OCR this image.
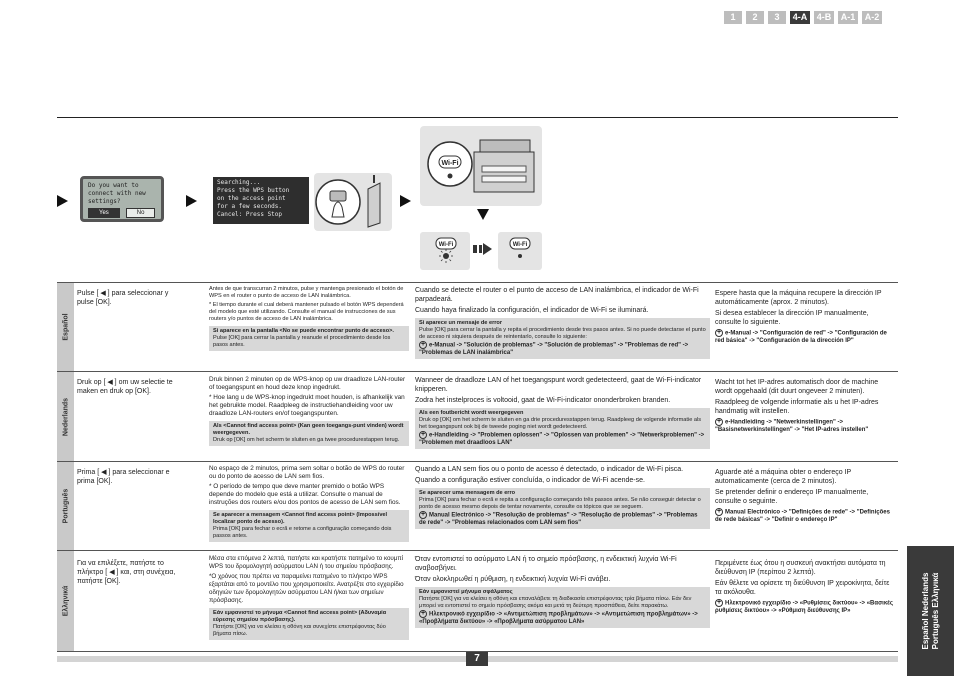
1	2	3	4-A	4-B	A-1	A-2
Do you want to
connect with new
settings?
Yes	No
Searching...
Press the WPS button
on the access point
for a few seconds.
Cancel: Press Stop
Wi-Fi
Wi-Fi	Wi-Fi
Español
Pulse [ ◀ ] para seleccionar y pulse [OK].

Antes de que transcurran 2 minutos, pulse y mantenga presionado el botón de WPS en el router o punto de acceso de LAN inalámbrica.

* El tiempo durante el cual deberá mantener pulsado el botón WPS dependerá del modelo que esté utilizando. Consulte el manual de instrucciones de sus routers y/o puntos de acceso de LAN inalámbrica.

Si aparece en la pantalla <No se puede encontrar punto de acceso>.
Pulse [OK] para cerrar la pantalla y reanude el procedimiento desde los pasos antes.

Cuando se detecte el router o el punto de acceso de LAN inalámbrica, el indicador de Wi-Fi parpadeará.

Cuando haya finalizado la configuración, el indicador de Wi-Fi se iluminará.

Si aparece un mensaje de error
Pulse [OK] para cerrar la pantalla y repita el procedimiento desde tres pasos antes. Si no puede detectarse el punto de acceso ni siquiera después de reintentarlo, consulte lo siguiente:
+ e-Manual -> "Solución de problemas" -> "Solución de problemas" -> "Problemas de red" -> "Problemas de LAN inalámbrica"

Espere hasta que la máquina recupere la dirección IP automáticamente (aprox. 2 minutos).

Si desea establecer la dirección IP manualmente, consulte lo siguiente.

+ e-Manual -> "Configuración de red" -> "Configuración de red básica" -> "Configuración de la dirección IP"
Nederlands
Druk op [ ◀ ] om uw selectie te maken en druk op [OK].

Druk binnen 2 minuten op de WPS-knop op uw draadloze LAN-router of toegangspunt en houd deze knop ingedrukt.

* Hoe lang u de WPS-knop ingedrukt moet houden, is afhankelijk van het gebruikte model. Raadpleeg de instructiehandleiding voor uw draadloze LAN-routers en/of toegangspunten.

Als <Cannot find access point> (Kan geen toegangs-punt vinden) wordt weergegeven.
Druk op [OK] om het scherm te sluiten en ga twee procedurestappen terug.

Wanneer de draadloze LAN of het toegangspunt wordt gedetecteerd, gaat de Wi-Fi-indicator knipperen.

Zodra het instelproces is voltooid, gaat de Wi-Fi-indicator ononderbroken branden.

Als een foutbericht wordt weergegeven
Druk op [OK] om het scherm te sluiten en ga drie proceduresstappen terug. Raadpleeg de volgende informatie als het toegangspunt ook bij de tweede poging niet wordt gedetecteerd.
+ e-Handleiding -> "Problemen oplossen" -> "Oplossen van problemen" -> "Netwerkproblemen" -> "Problemen met draadloos LAN"

Wacht tot het IP-adres automatisch door de machine wordt opgehaald (dit duurt ongeveer 2 minuten).

Raadpleeg de volgende informatie als u het IP-adres handmatig wilt instellen.

+ e-Handleiding -> "Netwerkinstellingen" -> "Basisnetwerkinstellingen" -> "Het IP-adres instellen"
Português
Prima [ ◀ ] para seleccionar e prima [OK].

No espaço de 2 minutos, prima sem soltar o botão de WPS do router ou do ponto de acesso de LAN sem fios.

* O período de tempo que deve manter premido o botão WPS depende do modelo que está a utilizar. Consulte o manual de instruções dos routers e/ou dos pontos de acesso de LAN sem fios.

Se aparecer a mensagem <Cannot find access point> (Impossível localizar ponto de acesso).
Prima [OK] para fechar o ecrã e retome a configuração começando dois passos antes.

Quando a LAN sem fios ou o ponto de acesso é detectado, o indicador de Wi-Fi pisca.

Quando a configuração estiver concluída, o indicador de Wi-Fi acende-se.

Se aparecer uma mensagem de erro
Prima [OK] para fechar o ecrã e repita a configuração começando três passos antes. Se não conseguir detectar o ponto de acesso mesmo depois de tentar novamente, consulte os tópicos que se seguem.
+ Manual Electrónico -> "Resolução de problemas" -> "Resolução de problemas" -> "Problemas de rede" -> "Problemas relacionados com LAN sem fios"

Aguarde até a máquina obter o endereço IP automaticamente (cerca de 2 minutos).

Se pretender definir o endereço IP manualmente, consulte o seguinte.

+ Manual Electrónico -> "Definições de rede" -> "Definições de rede básicas" -> "Definir o endereço IP"
Ελληνικά
Για να επιλέξετε, πατήστε το πλήκτρο [ ◀ ] και, στη συνέχεια, πατήστε [OK].

Μέσα στα επόμενα 2 λεπτά, πατήστε και κρατήστε πατημένο το κουμπί WPS του δρομολογητή ασύρματου LAN ή του σημείου πρόσβασης.

*Ο χρόνος που πρέπει να παραμείνει πατημένο το πλήκτρο WPS εξαρτάται από το μοντέλο που χρησιμοποιείτε. Ανατρέξτε στο εγχειρίδιο οδηγιών των δρομολογητών ασύρματου LAN ή/και των σημείων πρόσβασης.

Εάν εμφανιστεί το μήνυμα <Cannot find access point> (Αδυναμία εύρεσης σημείου πρόσβασης).
Πατήστε [OK] για να κλείσει η οθόνη και συνεχίστε επιστρέφοντας δύο βήματα πίσω.

Όταν εντοπιστεί το ασύρματο LAN ή το σημείο πρόσβασης, η ενδεικτική λυχνία Wi-Fi αναβοσβήνει.

Όταν ολοκληρωθεί η ρύθμιση, η ενδεικτική λυχνία Wi-Fi ανάβει.

Εάν εμφανιστεί μήνυμα σφάλματος
Πατήστε [OK] για να κλείσει η οθόνη και επαναλάβετε τη διαδικασία επιστρέφοντας τρία βήματα πίσω. Εάν δεν μπορεί να εντοπιστεί το σημείο πρόσβασης ακόμα και μετά τη δεύτερη προσπάθεια, δείτε παρακάτω.
+ Ηλεκτρονικό εγχειρίδιο -> «Αντιμετώπιση προβλημάτων» -> «Αντιμετώπιση προβλημάτων» -> «Προβλήματα δικτύου» -> «Προβλήματα ασύρματου LAN»

Περιμένετε έως ότου η συσκευή ανακτήσει αυτόματα τη διεύθυνση IP (περίπου 2 λεπτά).

Εάν θέλετε να ορίσετε τη διεύθυνση IP χειροκίνητα, δείτε τα ακόλουθα.

+ Ηλεκτρονικό εγχειρίδιο -> «Ρυθμίσεις δικτύου» -> «Βασικές ρυθμίσεις δικτύου» -> «Ρύθμιση διεύθυνσης IP»	Español Nederlands Português Ελληνικά
7
